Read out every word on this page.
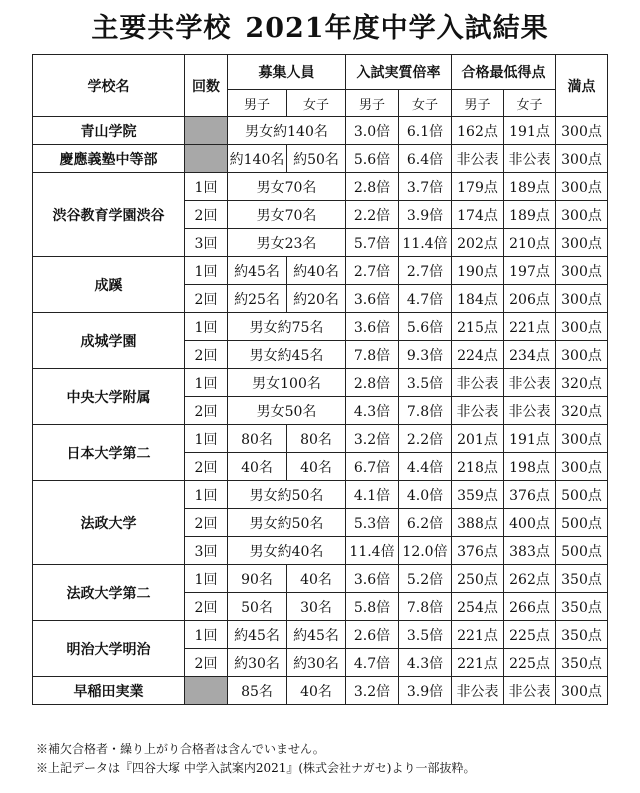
主要共学校 2021年度中学入試結果
学校名	回数	募集人員		入試実質倍率		合格最低得点		満点
		男子	女子	男子	女子	男子	女子	
青山学院		男女約140名		3.0倍	6.1倍	162点	191点	300点
慶應義塾中等部		約140名	約50名	5.6倍	6.4倍	非公表	非公表	300点
渋谷教育学園渋谷	1回	男女70名		2.8倍	3.7倍	179点	189点	300点
	2回	男女70名		2.2倍	3.9倍	174点	189点	300点
	3回	男女23名		5.7倍	11.4倍	202点	210点	300点
成蹊	1回	約45名	約40名	2.7倍	2.7倍	190点	197点	300点
	2回	約25名	約20名	3.6倍	4.7倍	184点	206点	300点
成城学園	1回	男女約75名		3.6倍	5.6倍	215点	221点	300点
	2回	男女約45名		7.8倍	9.3倍	224点	234点	300点
中央大学附属	1回	男女100名		2.8倍	3.5倍	非公表	非公表	320点
	2回	男女50名		4.3倍	7.8倍	非公表	非公表	320点
日本大学第二	1回	80名	80名	3.2倍	2.2倍	201点	191点	300点
	2回	40名	40名	6.7倍	4.4倍	218点	198点	300点
法政大学	1回	男女約50名		4.1倍	4.0倍	359点	376点	500点
	2回	男女約50名		5.3倍	6.2倍	388点	400点	500点
	3回	男女約40名		11.4倍	12.0倍	376点	383点	500点
法政大学第二	1回	90名	40名	3.6倍	5.2倍	250点	262点	350点
	2回	50名	30名	5.8倍	7.8倍	254点	266点	350点
明治大学明治	1回	約45名	約45名	2.6倍	3.5倍	221点	225点	350点
	2回	約30名	約30名	4.7倍	4.3倍	221点	225点	350点
早稲田実業		85名	40名	3.2倍	3.9倍	非公表	非公表	300点
※補欠合格者・繰り上がり合格者は含んでいません。
※上記データは『四谷大塚 中学入試案内2021』(株式会社ナガセ)より一部抜粋。
